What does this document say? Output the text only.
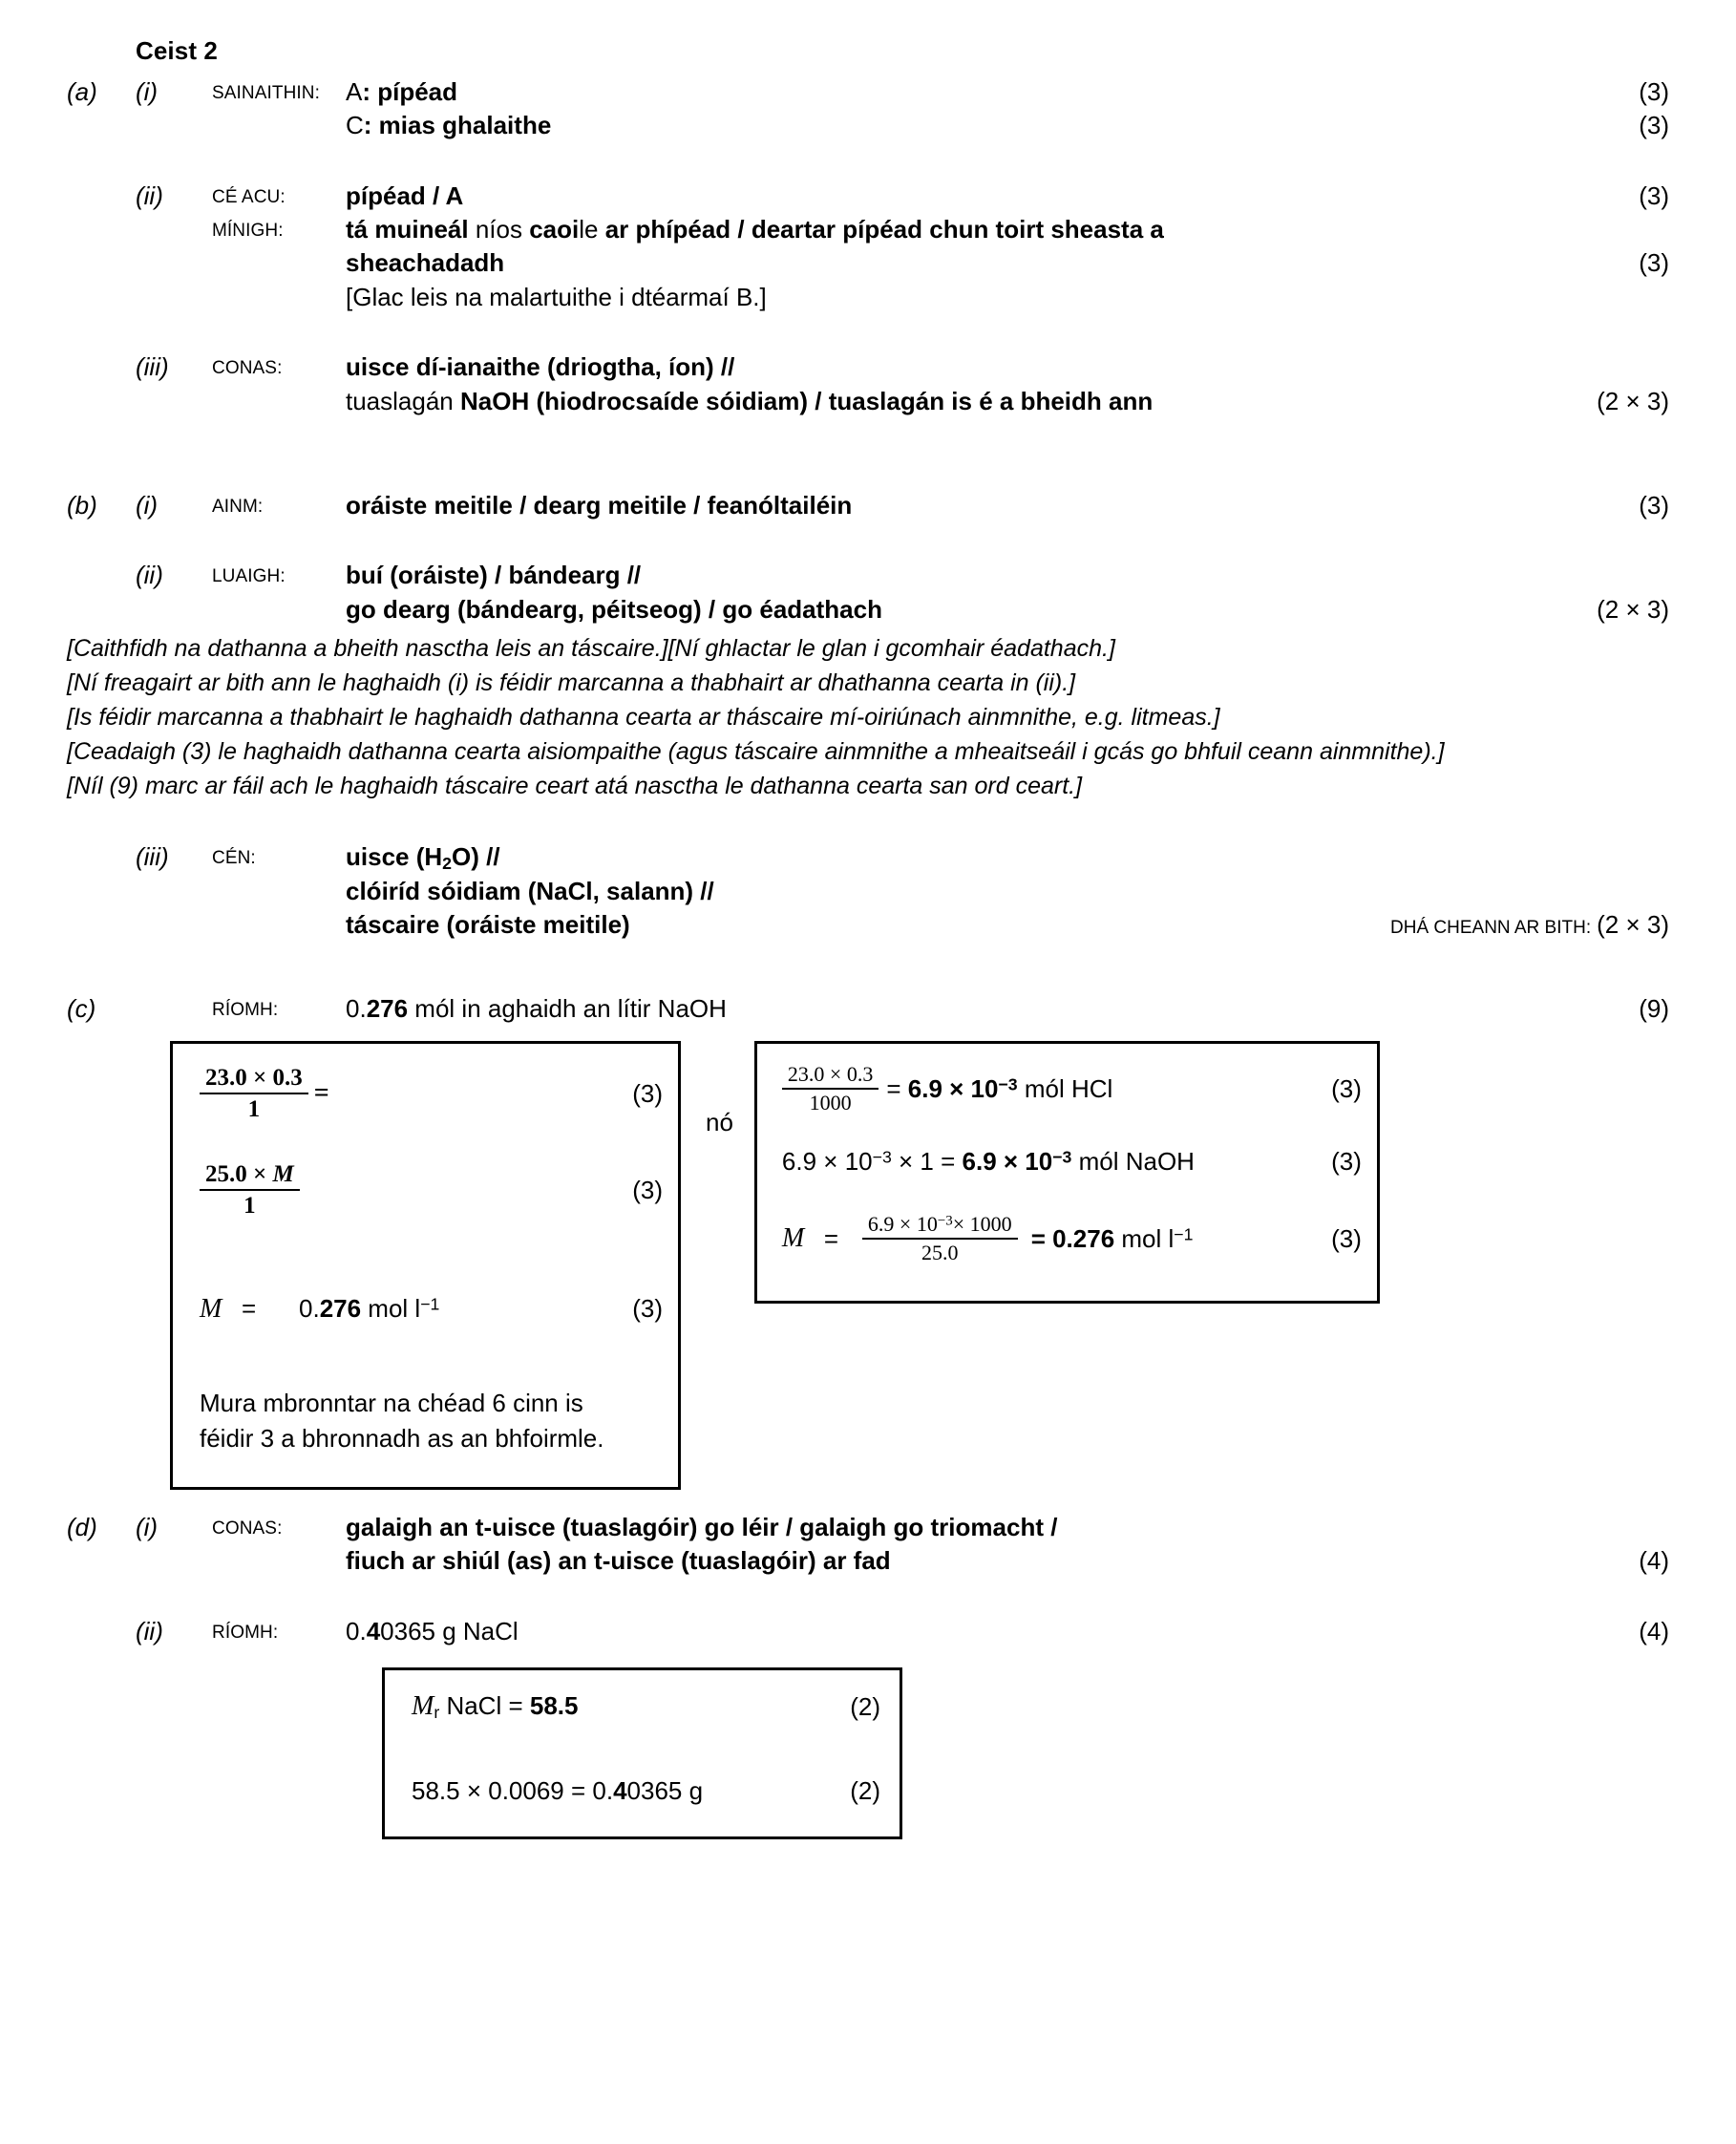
Ceist 2
(a)	(i)	SAINAITHIN:	A: pípéad	(3)
C: mias ghalaithe	(3)
(ii)	CÉ ACU:	pípéad / A	(3)
MÍNIGH:	tá muineál níos caoile ar phípéad / deartar pípéad chun toirt sheasta a
sheachadadh	(3)
[Glac leis na malartuithe i dtéarmaí B.]
(iii)	CONAS:	uisce dí-ianaithe (driogtha, íon) //
tuaslagán NaOH (hiodrocsaíde sóidiam) / tuaslagán is é a bheidh ann	(2 × 3)
(b)	(i)	AINM:	oráiste meitile / dearg meitile / feanóltailéin	(3)
(ii)	LUAIGH:	buí (oráiste) / bándearg //
go dearg (bándearg, péitseog) / go éadathach	(2 × 3)

[Caithfidh na dathanna a bheith nasctha leis an táscaire.][Ní ghlactar le glan i gcomhair éadathach.]

[Ní freagairt ar bith ann le haghaidh (i) is féidir marcanna a thabhairt ar dhathanna cearta in (ii).]

[Is féidir marcanna a thabhairt le haghaidh dathanna cearta ar tháscaire mí-oiriúnach ainmnithe, e.g. litmeas.]

[Ceadaigh (3) le haghaidh dathanna cearta aisiompaithe (agus táscaire ainmnithe a mheaitseáil i gcás go bhfuil ceann ainmnithe).]

[Níl (9) marc ar fáil ach le haghaidh táscaire ceart atá nasctha le dathanna cearta san ord ceart.]

(iii)	CÉN:	uisce $(H_2O)$ //
clóiríd sóidiam (NaCl, salann) //
táscaire (oráiste meitile)	DHÁ CHEANN AR BITH: (2 × 3)
(c)	RÍOMH:	0.276 mól in aghaidh an lítir NaOH	(9)
$\frac{23.0 \times 0.3}{1}$ =	(3)
$\frac{25.0 \times M}{1}$	(3)
M =	0.276 mol $l^{-1}$	(3)
Mura mbronntar na chéad 6 cinn is féidir 3 a bhronnadh as an bhfoirmle.
nó
$\frac{23.0 \times 0.3}{1000} = 6.9 \times 10^{-3}$ mól HCl	(3)
$6.9 \times 10^{-3} \times 1 = 6.9 \times 10^{-3}$ mól NaOH	(3)
M =	$\frac{6.9 \times 10^{-3}\times 1000}{25.0} = 0.276$ mol $l^{-1}$	(3)
(d)	(i)	CONAS:	galaigh an t-uisce (tuaslagóir) go léir / galaigh go triomacht /
fiuch ar shiúl (as) an t-uisce (tuaslagóir) ar fad	(4)
(ii)	RÍOMH:	0.40365 g NaCl	(4)
$M_r$ NaCl = 58.5	(2)
58.5 × 0.0069 = 0.40365 g	(2)
